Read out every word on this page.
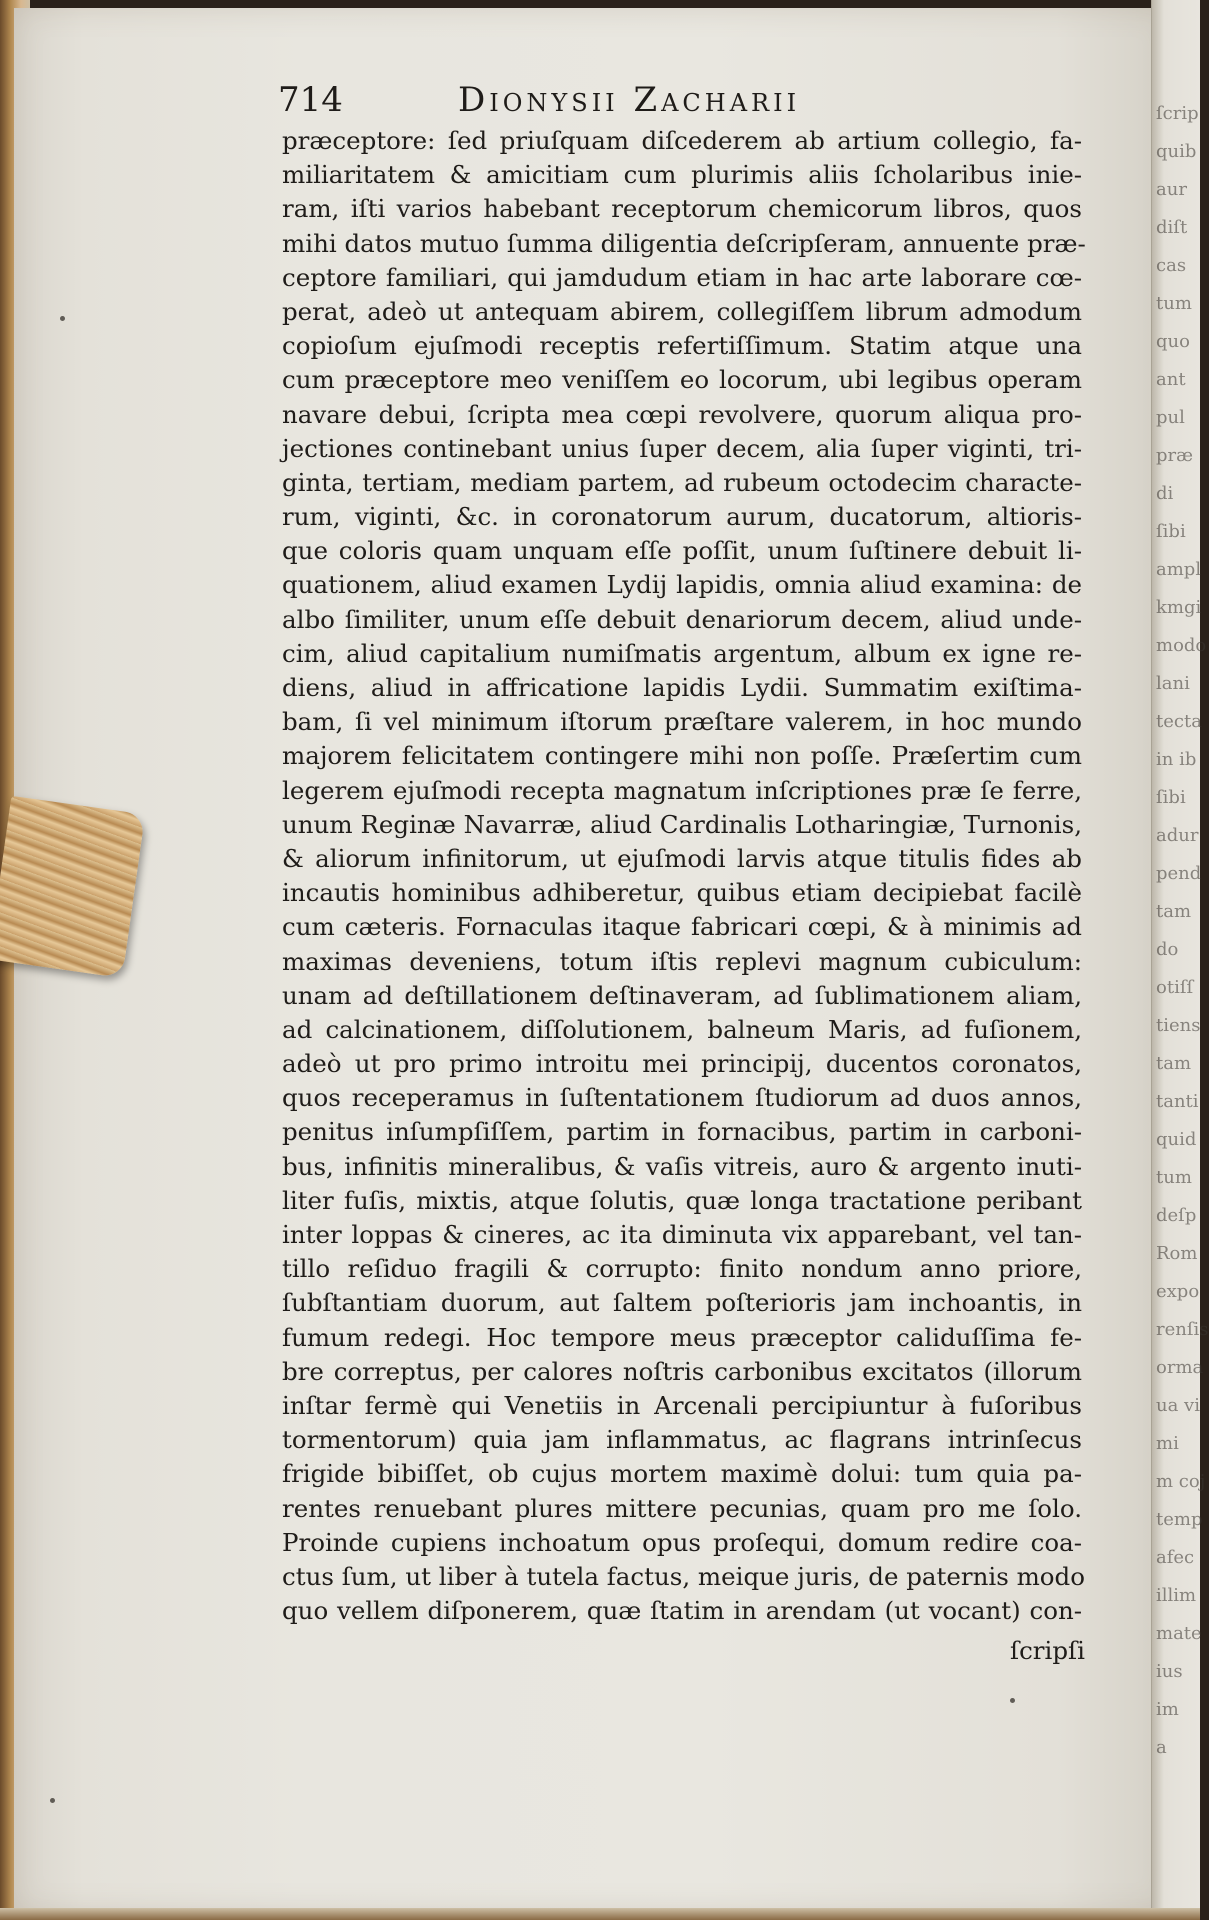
ſcrip
quib
aur
diſt
cas
tum
quo
ant
pul
præ
di
ſibi
ampl
kmgi
modo
lani
tecta
in ib
ſibi
adur
pend
tam
do
otiſſ
tiens
tam
tanti
quid
tum
deſp
Rom
expo
renſis
orma
ua vi
mi
m coj
temp
afec
illim
mate
ius
im
a
714	Dionysii Zacharii
præceptore: ſed priuſquam diſcederem ab artium collegio, fa-
miliaritatem & amicitiam cum plurimis aliis ſcholaribus inie-
ram, iſti varios habebant receptorum chemicorum libros, quos
mihi datos mutuo ſumma diligentia deſcripſeram, annuente præ-
ceptore familiari, qui jamdudum etiam in hac arte laborare cœ-
perat, adeò ut antequam abirem, collegiſſem librum admodum
copioſum ejuſmodi receptis refertiſſimum. Statim atque una
cum præceptore meo veniſſem eo locorum, ubi legibus operam
navare debui, ſcripta mea cœpi revolvere, quorum aliqua pro-
jectiones continebant unius ſuper decem, alia ſuper viginti, tri-
ginta, tertiam, mediam partem, ad rubeum octodecim characte-
rum, viginti, &c. in coronatorum aurum, ducatorum, altioris-
que coloris quam unquam eſſe poſſit, unum ſuſtinere debuit li-
quationem, aliud examen Lydij lapidis, omnia aliud examina: de
albo ſimiliter, unum eſſe debuit denariorum decem, aliud unde-
cim, aliud capitalium numiſmatis argentum, album ex igne re-
diens, aliud in affricatione lapidis Lydii. Summatim exiſtima-
bam, ſi vel minimum iſtorum præſtare valerem, in hoc mundo
majorem felicitatem contingere mihi non poſſe. Præſertim cum
legerem ejuſmodi recepta magnatum inſcriptiones præ ſe ferre,
unum Reginæ Navarræ, aliud Cardinalis Lotharingiæ, Turnonis,
& aliorum infinitorum, ut ejuſmodi larvis atque titulis fides ab
incautis hominibus adhiberetur, quibus etiam decipiebat facilè
cum cæteris. Fornaculas itaque fabricari cœpi, & à minimis ad
maximas deveniens, totum iſtis replevi magnum cubiculum:
unam ad deſtillationem deſtinaveram, ad ſublimationem aliam,
ad calcinationem, diſſolutionem, balneum Maris, ad fuſionem,
adeò ut pro primo introitu mei principij, ducentos coronatos,
quos receperamus in ſuſtentationem ſtudiorum ad duos annos,
penitus inſumpſiſſem, partim in fornacibus, partim in carboni-
bus, infinitis mineralibus, & vaſis vitreis, auro & argento inuti-
liter fuſis, mixtis, atque ſolutis, quæ longa tractatione peribant
inter loppas & cineres, ac ita diminuta vix apparebant, vel tan-
tillo reſiduo fragili & corrupto: finito nondum anno priore,
ſubſtantiam duorum, aut ſaltem poſterioris jam inchoantis, in
fumum redegi. Hoc tempore meus præceptor caliduſſima fe-
bre correptus, per calores noſtris carbonibus excitatos (illorum
inſtar fermè qui Venetiis in Arcenali percipiuntur à fuſoribus
tormentorum) quia jam inflammatus, ac flagrans intrinſecus
frigide bibiſſet, ob cujus mortem maximè dolui: tum quia pa-
rentes renuebant plures mittere pecunias, quam pro me ſolo.
Proinde cupiens inchoatum opus proſequi, domum redire coa-
ctus ſum, ut liber à tutela factus, meique juris, de paternis modo
quo vellem diſponerem, quæ ſtatim in arendam (ut vocant) con-
ſcripſi
